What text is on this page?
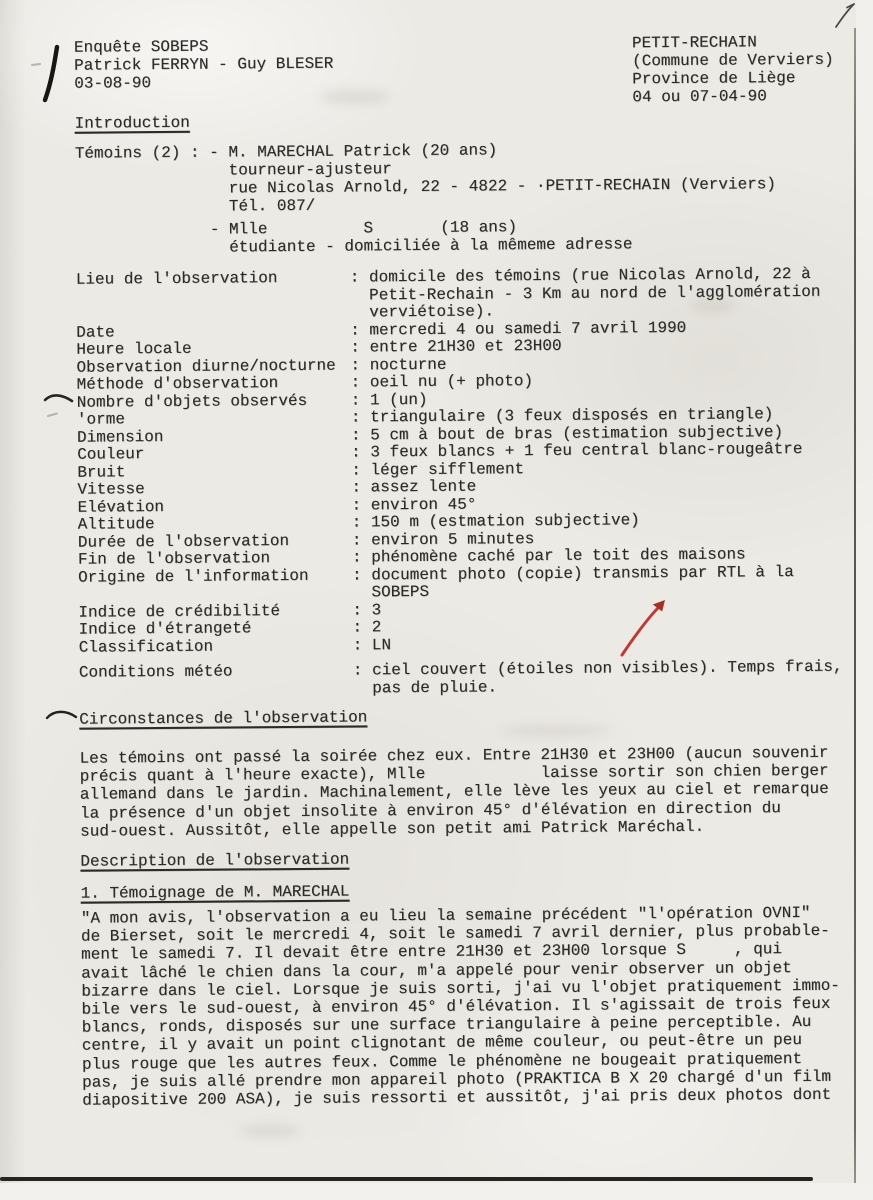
Enquête SOBEPS
Patrick FERRYN - Guy BLESER
03-08-90
PETIT-RECHAIN
(Commune de Verviers)
Province de Liège
04 ou 07-04-90
Introduction
Témoins (2) : - M. MARECHAL Patrick (20 ans)
tourneur-ajusteur
rue Nicolas Arnold, 22 - 4822 - ·PETIT-RECHAIN (Verviers)
Tél. 087/
- Mlle          S       (18 ans)
étudiante - domiciliée à la mêmeme adresse
Lieu de l'observation	: domicile des témoins (rue Nicolas Arnold, 22 à
Petit-Rechain - 3 Km au nord de l'agglomération
verviétoise).
Date	: mercredi 4 ou samedi 7 avril 1990
Heure locale	: entre 21H30 et 23H00
Observation diurne/nocturne : nocturne
Méthode d'observation	: oeil nu (+ photo)
Nombre d'objets observés	: 1 (un)
'orme	: triangulaire (3 feux disposés en triangle)
Dimension	: 5 cm à bout de bras (estimation subjective)
Couleur	: 3 feux blancs + 1 feu central blanc-rougeâtre
Bruit	: léger sifflement
Vitesse	: assez lente
Elévation	: environ 45°
Altitude	: 150 m (estmation subjective)
Durée de l'observation	: environ 5 minutes
Fin de l'observation	: phénomène caché par le toit des maisons
Origine de l'information	: document photo (copie) transmis par RTL à la
SOBEPS
Indice de crédibilité	: 3
Indice d'étrangeté	: 2
Classification	: LN
Conditions météo	: ciel couvert (étoiles non visibles). Temps frais,
pas de pluie.
Circonstances de l'observation
Les témoins ont passé la soirée chez eux. Entre 21H30 et 23H00 (aucun souvenir
précis quant à l'heure exacte), Mlle            laisse sortir son chien berger
allemand dans le jardin. Machinalement, elle lève les yeux au ciel et remarque
la présence d'un objet insolite à environ 45° d'élévation en direction du
sud-ouest. Aussitôt, elle appelle son petit ami Patrick Maréchal.
Description de l'observation
1. Témoignage de M. MARECHAL
"A mon avis, l'observation a eu lieu la semaine précédent "l'opération OVNI"
de Bierset, soit le mercredi 4, soit le samedi 7 avril dernier, plus probable-
ment le samedi 7. Il devait être entre 21H30 et 23H00 lorsque S     , qui
avait lâché le chien dans la cour, m'a appelé pour venir observer un objet
bizarre dans le ciel. Lorsque je suis sorti, j'ai vu l'objet pratiquement immo-
bile vers le sud-ouest, à environ 45° d'élévation. Il s'agissait de trois feux
blancs, ronds, disposés sur une surface triangulaire à peine perceptible. Au
centre, il y avait un point clignotant de même couleur, ou peut-être un peu
plus rouge que les autres feux. Comme le phénomène ne bougeait pratiquement
pas, je suis allé prendre mon appareil photo (PRAKTICA B X 20 chargé d'un film
diapositive 200 ASA), je suis ressorti et aussitôt, j'ai pris deux photos dont
